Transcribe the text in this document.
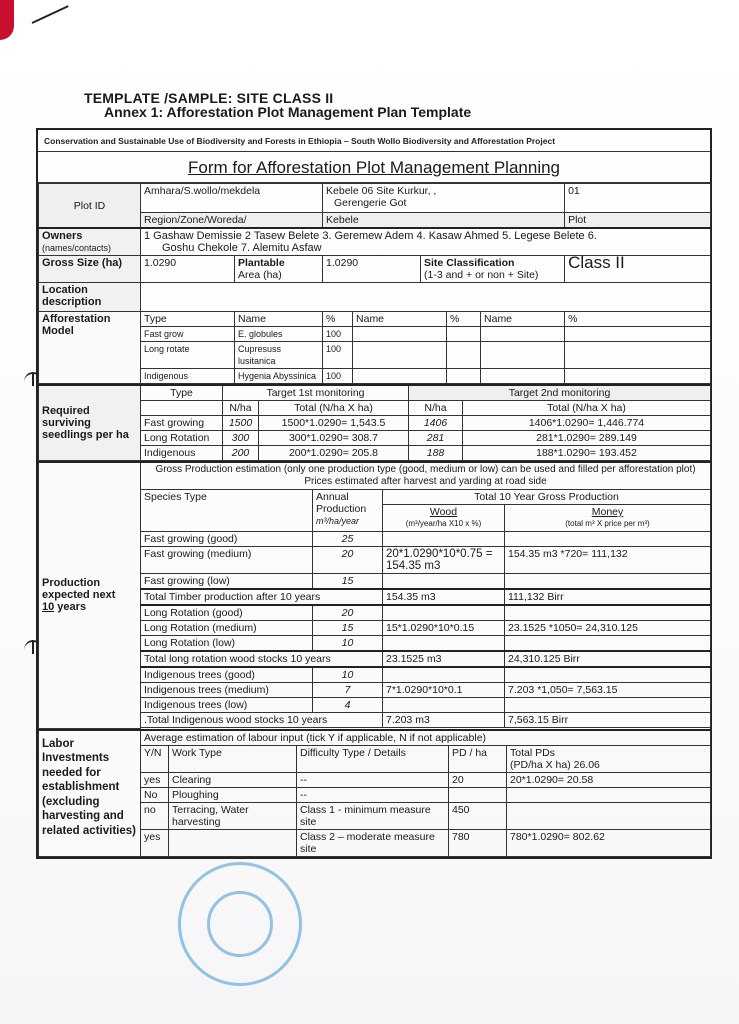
TEMPLATE /SAMPLE: SITE CLASS II
Annex 1: Afforestation Plot Management Plan Template
Conservation and Sustainable Use of Biodiversity and Forests in Ethiopia – South Wollo Biodiversity and Afforestation Project
Form for Afforestation Plot Management Planning
Plot ID	Amhara/S.wollo/mekdela		Kebele 06 Site Kurkur, ,
Gerengerie Got					01
	Region/Zone/Woreda/		Kebele					Plot

Owners
(names/contacts)

1 Gashaw Demissie 2 Tasew Belete 3. Geremew Adem 4. Kasaw Ahmed 5. Legese Belete 6.
Goshu Chekole 7. Alemitu Asfaw

Gross Size (ha)	1.0290	Plantable
Area (ha)
	1.0290	Site Classification
(1-3 and + or non + Site)
	Class II
Location description								
Afforestation Model	Type	Name	%	Name		%	Name	%
	Fast grow	E. globules	100					
	Long rotate	Cupresuss lusitanica	100					
	Indigenous	Hygenia Abyssinica	100					
Required surviving seedlings per ha	Type	Target 1st monitoring		Target 2nd monitoring	
		N/ha	Total (N/ha X ha)	N/ha	Total (N/ha X ha)
	Fast growing	1500	1500*1.0290= 1,543.5	1406	1406*1.0290= 1,446.774
	Long Rotation	300	300*1.0290= 308.7	281	281*1.0290= 289.149
	Indigenous	200	200*1.0290= 205.8	188	188*1.0290= 193.452
Production
expected next
10 years	Gross Production estimation (only one production type (good, medium or low) can be used and filled per afforestation plot) Prices estimated after harvest and yarding at road side			
	Species Type	Annual Production
m³/ha/year	Total 10 Year Gross Production	

Wood
(m³/year/ha X10 x %)

Money
(total m³ X price per m³)

	Fast growing (good)	25		
	Fast growing (medium)	20	20*1.0290*10*0.75 = 154.35 m3	154.35 m3 *720= 111,132
	Fast growing (low)	15		
	Total Timber production after 10 years		154.35 m3	111,132 Birr
	Long Rotation (good)	20		
	Long Rotation (medium)	15	15*1.0290*10*0.15	23.1525 *1050= 24,310.125
	Long Rotation (low)	10		
	Total long rotation wood stocks 10 years		23.1525 m3	24,310.125 Birr
	Indigenous trees (good)	10		
	Indigenous trees (medium)	7	7*1.0290*10*0.1	7.203 *1,050= 7,563.15
	Indigenous trees (low)	4		
	.Total Indigenous wood stocks 10 years		7.203 m3	7,563.15 Birr

Labor Investments needed for establishment (excluding harvesting and related activities)	Average estimation of labour input (tick Y if applicable, N if not applicable)				
	Y/N	Work Type	Difficulty Type / Details	PD / ha	Total PDs
(PD/ha X ha) 26.06

	yes	Clearing	--	20	20*1.0290= 20.58
	No	Ploughing	--		
	no	Terracing, Water harvesting	Class 1 - minimum measure site	450	
	yes		Class 2 – moderate measure site	780	780*1.0290= 802.62
